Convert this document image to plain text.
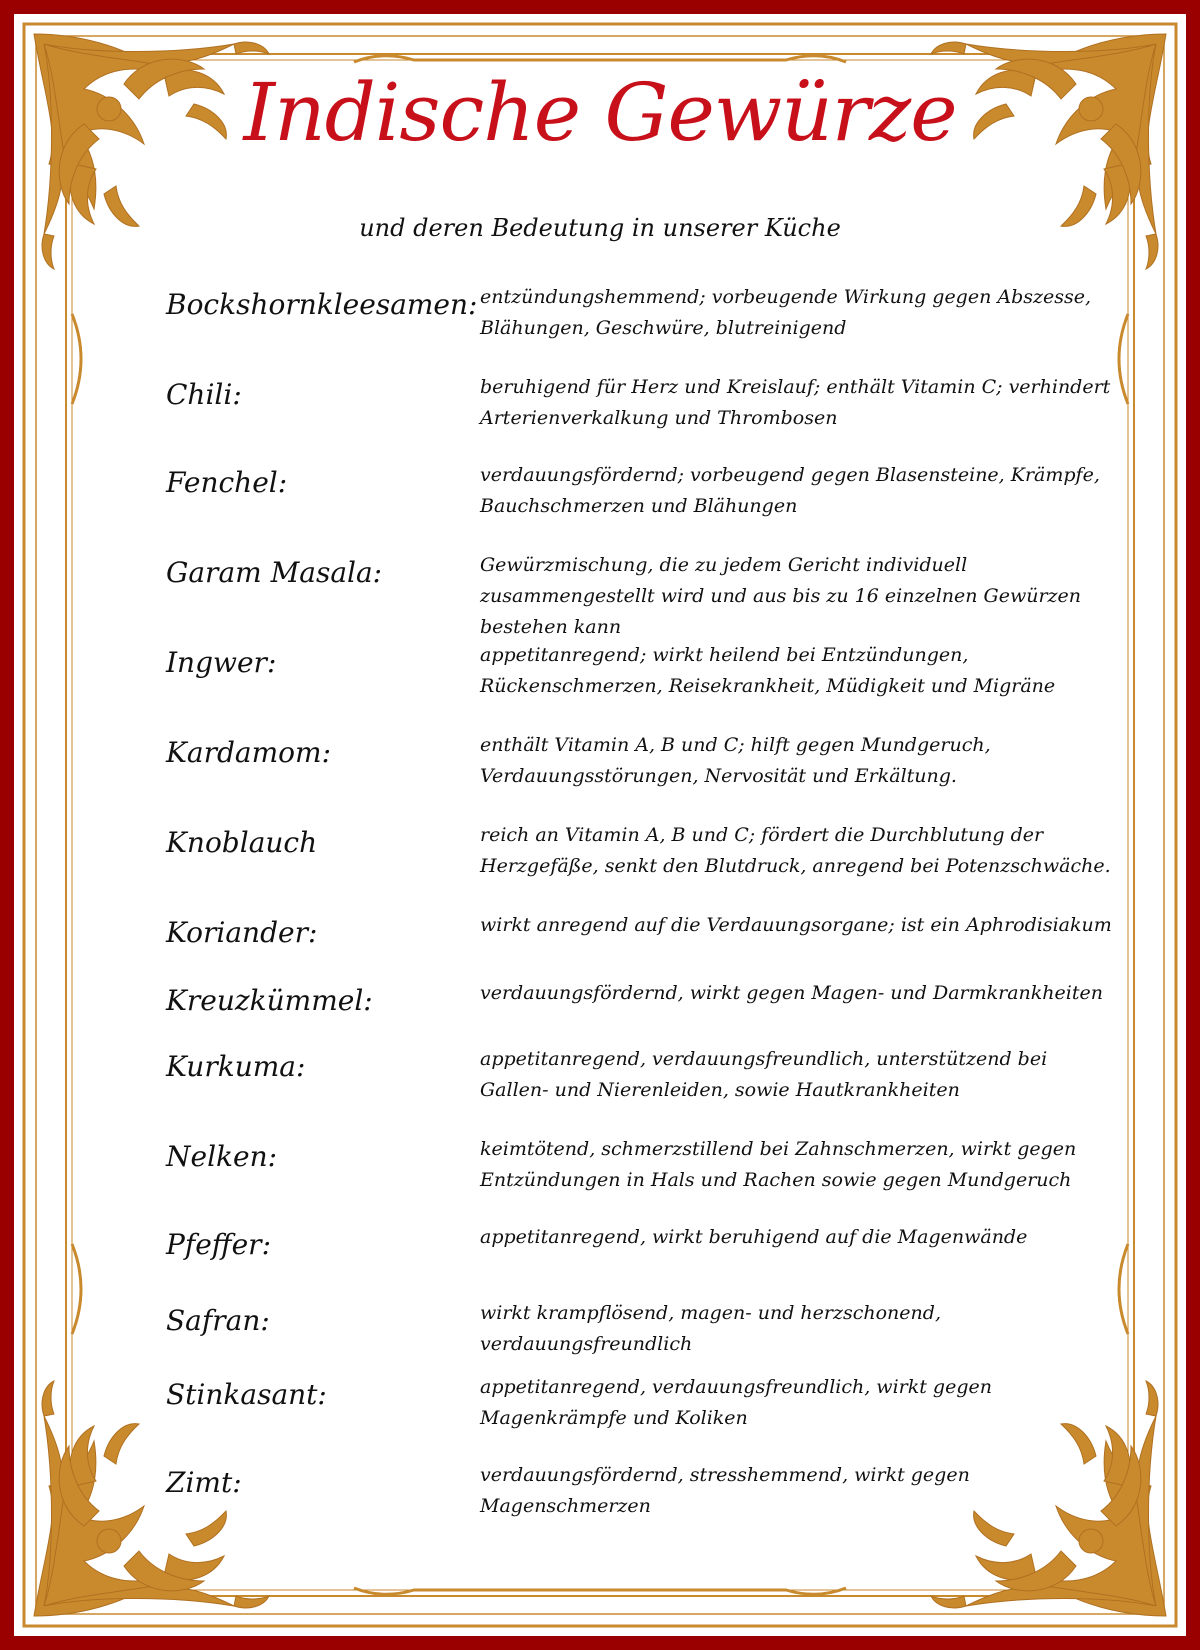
Indische Gewürze
und deren Bedeutung in unserer Küche
Bockshornkleesamen: entzündungshemmend; vorbeugende Wirkung gegen Abszesse, Blähungen, Geschwüre, blutreinigend
Chili:	beruhigend für Herz und Kreislauf; enthält Vitamin C; verhindert Arterienverkalkung und Thrombosen
Fenchel:	verdauungsfördernd; vorbeugend gegen Blasensteine, Krämpfe, Bauchschmerzen und Blähungen
Garam Masala:	Gewürzmischung, die zu jedem Gericht individuell zusammengestellt wird und aus bis zu 16 einzelnen Gewürzen bestehen kann
Ingwer:	appetitanregend; wirkt heilend bei Entzündungen, Rückenschmerzen, Reisekrankheit, Müdigkeit und Migräne
Kardamom:	enthält Vitamin A, B und C; hilft gegen Mundgeruch, Verdauungsstörungen, Nervosität und Erkältung.
Knoblauch	reich an Vitamin A, B und C; fördert die Durchblutung der Herzgefäße, senkt den Blutdruck, anregend bei Potenzschwäche.
Koriander:	wirkt anregend auf die Verdauungsorgane; ist ein Aphrodisiakum
Kreuzkümmel:	verdauungsfördernd, wirkt gegen Magen- und Darmkrankheiten
Kurkuma:	appetitanregend, verdauungsfreundlich, unterstützend bei Gallen- und Nierenleiden, sowie Hautkrankheiten
Nelken:	keimtötend, schmerzstillend bei Zahnschmerzen, wirkt gegen Entzündungen in Hals und Rachen sowie gegen Mundgeruch
Pfeffer:	appetitanregend, wirkt beruhigend auf die Magenwände
Safran:	wirkt krampflösend, magen- und herzschonend, verdauungsfreundlich
Stinkasant:	appetitanregend, verdauungsfreundlich, wirkt gegen Magenkrämpfe und Koliken
Zimt:	verdauungsfördernd, stresshemmend, wirkt gegen Magenschmerzen
